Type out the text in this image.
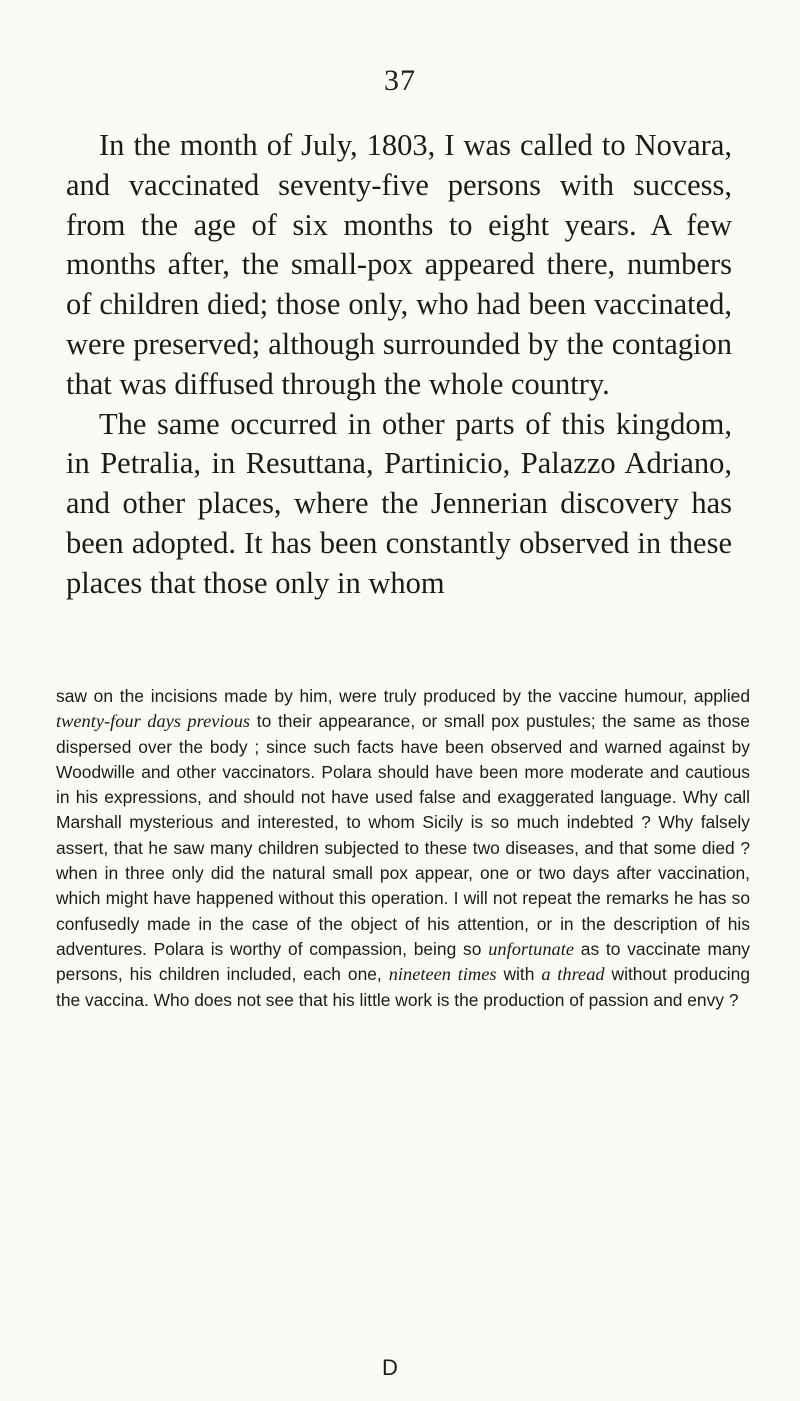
37

In the month of July, 1803, I was called to Novara, and vaccinated seventy-five persons with success, from the age of six months to eight years. A few months after, the small-pox appeared there, numbers of children died; those only, who had been vaccinated, were preserved; although surrounded by the contagion that was diffused through the whole country.

The same occurred in other parts of this kingdom, in Petralia, in Resuttana, Partinicio, Palazzo Adriano, and other places, where the Jennerian discovery has been adopted. It has been constantly observed in these places that those only in whom

saw on the incisions made by him, were truly produced by the vaccine humour, applied twenty-four days previous to their appearance, or small pox pustules; the same as those dispersed over the body ; since such facts have been observed and warned against by Woodwille and other vaccinators. Polara should have been more moderate and cautious in his expressions, and should not have used false and exaggerated language. Why call Marshall mysterious and interested, to whom Sicily is so much indebted ? Why falsely assert, that he saw many children subjected to these two diseases, and that some died ? when in three only did the natural small pox appear, one or two days after vaccination, which might have happened without this operation. I will not repeat the remarks he has so confusedly made in the case of the object of his attention, or in the description of his adventures. Polara is worthy of compassion, being so unfortunate as to vaccinate many persons, his children included, each one, nineteen times with a thread without producing the vaccina. Who does not see that his little work is the production of passion and envy ?

D
